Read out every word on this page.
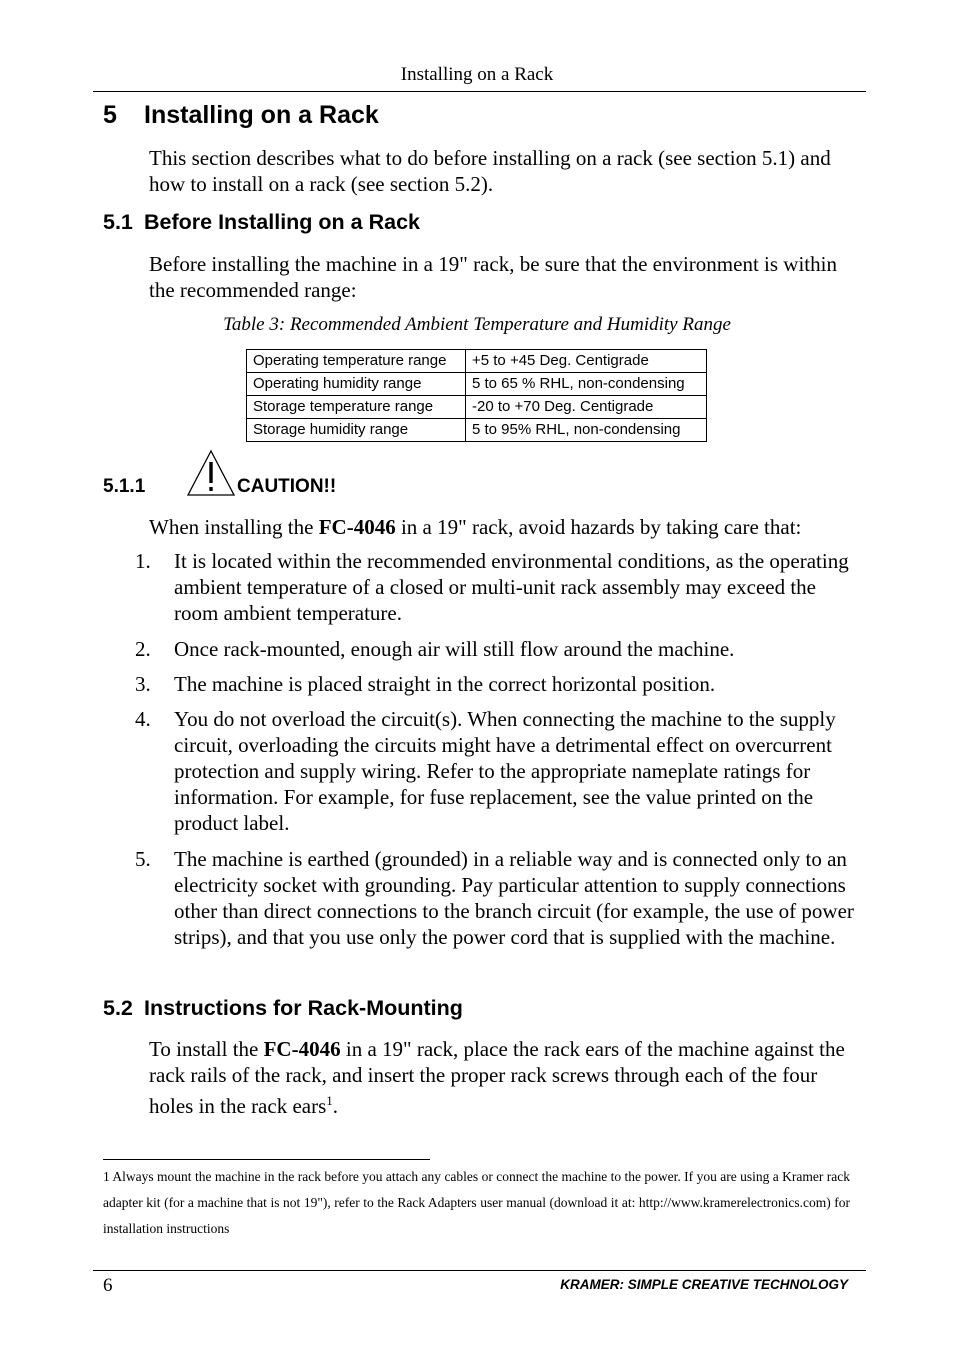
Installing on a Rack
5 Installing on a Rack
This section describes what to do before installing on a rack (see section 5.1) and how to install on a rack (see section 5.2).
5.1 Before Installing on a Rack
Before installing the machine in a 19" rack, be sure that the environment is within the recommended range:
Table 3: Recommended Ambient Temperature and Humidity Range
Operating temperature range	+5 to +45 Deg. Centigrade
Operating humidity range	5 to 65 % RHL, non-condensing
Storage temperature range	-20 to +70 Deg. Centigrade
Storage humidity range	5 to 95% RHL, non-condensing
5.1.1	CAUTION!!
When installing the FC-4046 in a 19" rack, avoid hazards by taking care that:
1. It is located within the recommended environmental conditions, as the operating ambient temperature of a closed or multi-unit rack assembly may exceed the room ambient temperature.
2. Once rack-mounted, enough air will still flow around the machine.
3. The machine is placed straight in the correct horizontal position.
4. You do not overload the circuit(s). When connecting the machine to the supply circuit, overloading the circuits might have a detrimental effect on overcurrent protection and supply wiring. Refer to the appropriate nameplate ratings for information. For example, for fuse replacement, see the value printed on the product label.
5. The machine is earthed (grounded) in a reliable way and is connected only to an electricity socket with grounding. Pay particular attention to supply connections other than direct connections to the branch circuit (for example, the use of power strips), and that you use only the power cord that is supplied with the machine.
5.2 Instructions for Rack-Mounting
To install the FC-4046 in a 19" rack, place the rack ears of the machine against the rack rails of the rack, and insert the proper rack screws through each of the four holes in the rack ears$^1$.
1 Always mount the machine in the rack before you attach any cables or connect the machine to the power. If you are using a Kramer rack adapter kit (for a machine that is not 19"), refer to the Rack Adapters user manual (download it at: http://www.kramerelectronics.com) for installation instructions
6	KRAMER: SIMPLE CREATIVE TECHNOLOGY
